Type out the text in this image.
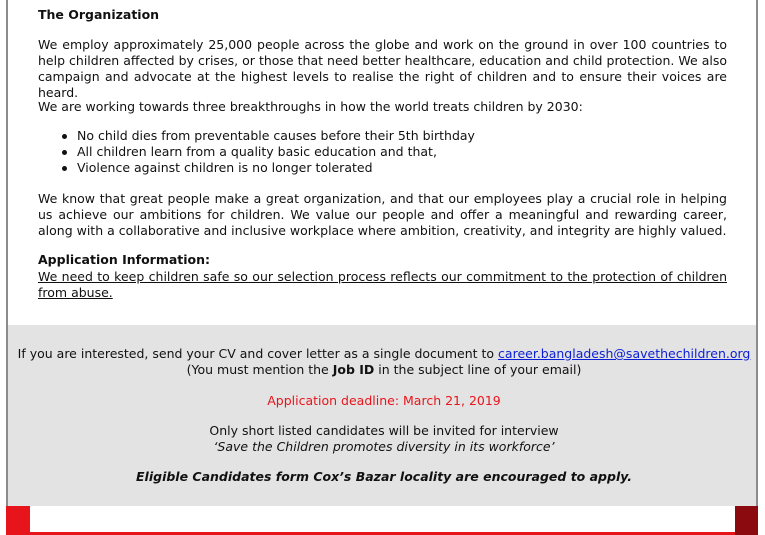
The Organization

We employ approximately 25,000 people across the globe and work on the ground in over 100 countries to help children affected by crises, or those that need better healthcare, education and child protection. We also campaign and advocate at the highest levels to realise the right of children and to ensure their voices are heard.

We are working towards three breakthroughs in how the world treats children by 2030:

No child dies from preventable causes before their 5th birthday
All children learn from a quality basic education and that,
Violence against children is no longer tolerated

We know that great people make a great organization, and that our employees play a crucial role in helping us achieve our ambitions for children. We value our people and offer a meaningful and rewarding career, along with a collaborative and inclusive workplace where ambition, creativity, and integrity are highly valued.

Application Information:

We need to keep children safe so our selection process reflects our commitment to the protection of children from abuse.

If you are interested, send your CV and cover letter as a single document to career.bangladesh@savethechildren.org

(You must mention the Job ID in the subject line of your email)

Application deadline: March 21, 2019

Only short listed candidates will be invited for interview

‘Save the Children promotes diversity in its workforce’

Eligible Candidates form Cox’s Bazar locality are encouraged to apply.
